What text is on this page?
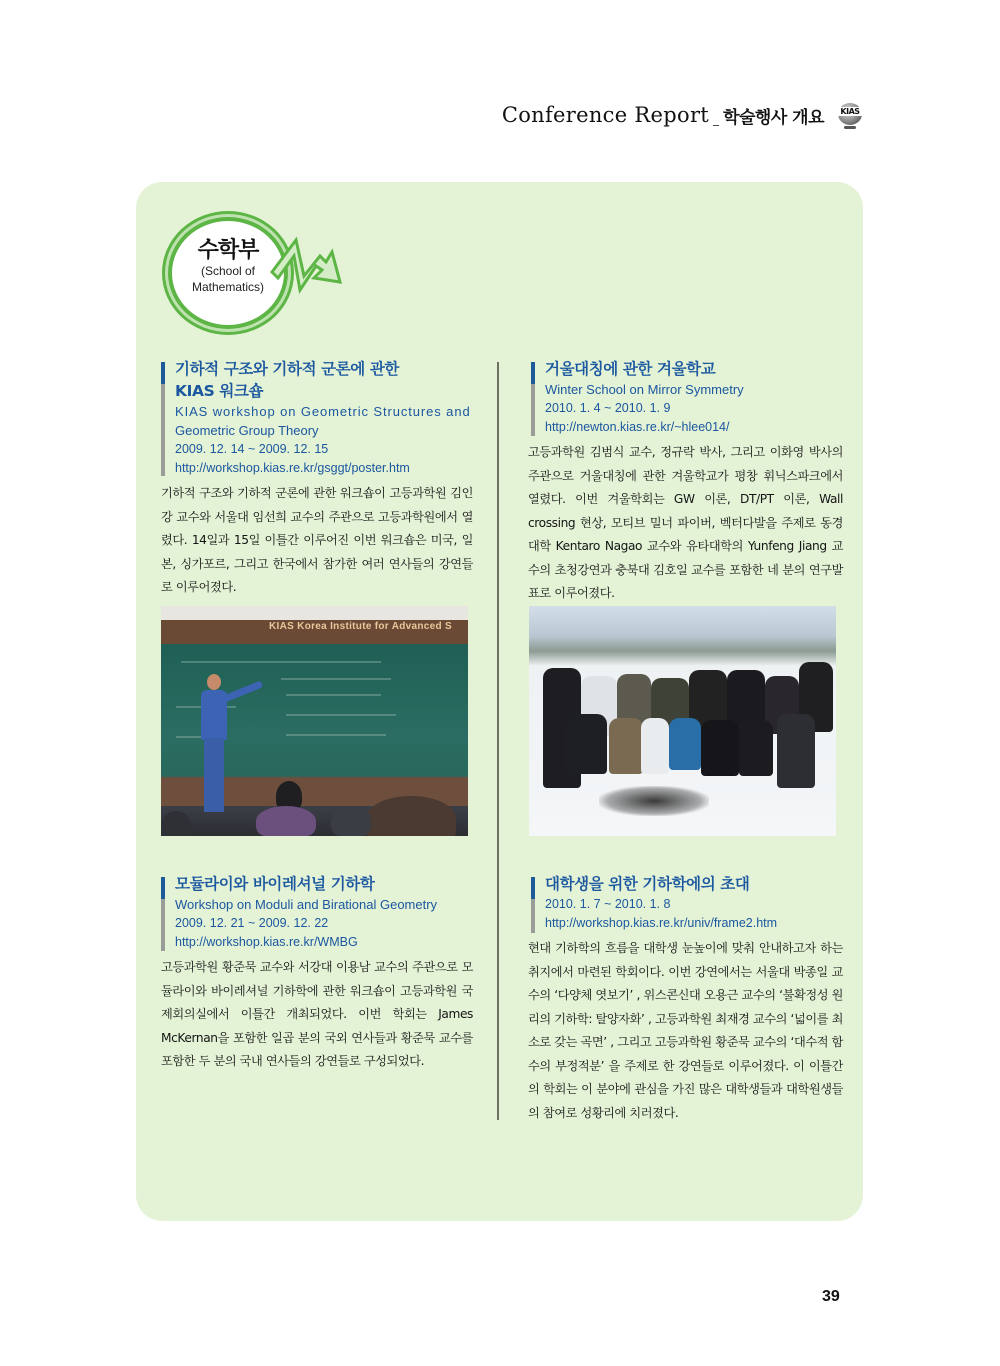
Conference Report _ 학술행사 개요	KIAS
수학부
(School of
Mathematics)
기하적 구조와 기하적 군론에 관한
KIAS 워크숍
KIAS workshop on Geometric Structures and
Geometric Group Theory
2009. 12. 14 ~ 2009. 12. 15
http://workshop.kias.re.kr/gsggt/poster.htm
기하적 구조와 기하적 군론에 관한 워크숍이 고등과학원 김인강 교수와 서울대 임선희 교수의 주관으로 고등과학원에서 열렸다. 14일과 15일 이틀간 이루어진 이번 워크숍은 미국, 일본, 싱가포르, 그리고 한국에서 참가한 여러 연사들의 강연들로 이루어졌다.
KIAS Korea Institute for Advanced S
거울대칭에 관한 겨울학교
Winter School on Mirror Symmetry
2010. 1. 4 ~ 2010. 1. 9
http://newton.kias.re.kr/~hlee014/
고등과학원 김범식 교수, 정규락 박사, 그리고 이화영 박사의 주관으로 거울대칭에 관한 겨울학교가 평창 휘닉스파크에서 열렸다. 이번 겨울학회는 GW 이론, DT/PT 이론, Wall crossing 현상, 모티브 밀너 파이버, 벡터다발을 주제로 동경대학 Kentaro Nagao 교수와 유타대학의 Yunfeng Jiang 교수의 초청강연과 충북대 김호일 교수를 포함한 네 분의 연구발표로 이루어졌다.
모듈라이와 바이레셔널 기하학
Workshop on Moduli and Birational Geometry
2009. 12. 21 ~ 2009. 12. 22
http://workshop.kias.re.kr/WMBG
고등과학원 황준묵 교수와 서강대 이용남 교수의 주관으로 모듈라이와 바이레셔널 기하학에 관한 워크숍이 고등과학원 국제회의실에서 이틀간 개최되었다. 이번 학회는 James McKernan을 포함한 일곱 분의 국외 연사들과 황준묵 교수를 포함한 두 분의 국내 연사들의 강연들로 구성되었다.
대학생을 위한 기하학에의 초대
2010. 1. 7 ~ 2010. 1. 8
http://workshop.kias.re.kr/univ/frame2.htm
현대 기하학의 흐름을 대학생 눈높이에 맞춰 안내하고자 하는 취지에서 마련된 학회이다. 이번 강연에서는 서울대 박종일 교수의 ‘다양체 엿보기’ , 위스콘신대 오용근 교수의 ‘불확정성 원리의 기하학: 탈양자화’ , 고등과학원 최재경 교수의 ‘넓이를 최소로 갖는 곡면’ , 그리고 고등과학원 황준묵 교수의 ‘대수적 함수의 부정적분’ 을 주제로 한 강연들로 이루어졌다. 이 이틀간의 학회는 이 분야에 관심을 가진 많은 대학생들과 대학원생들의 참여로 성황리에 치러졌다.
39
